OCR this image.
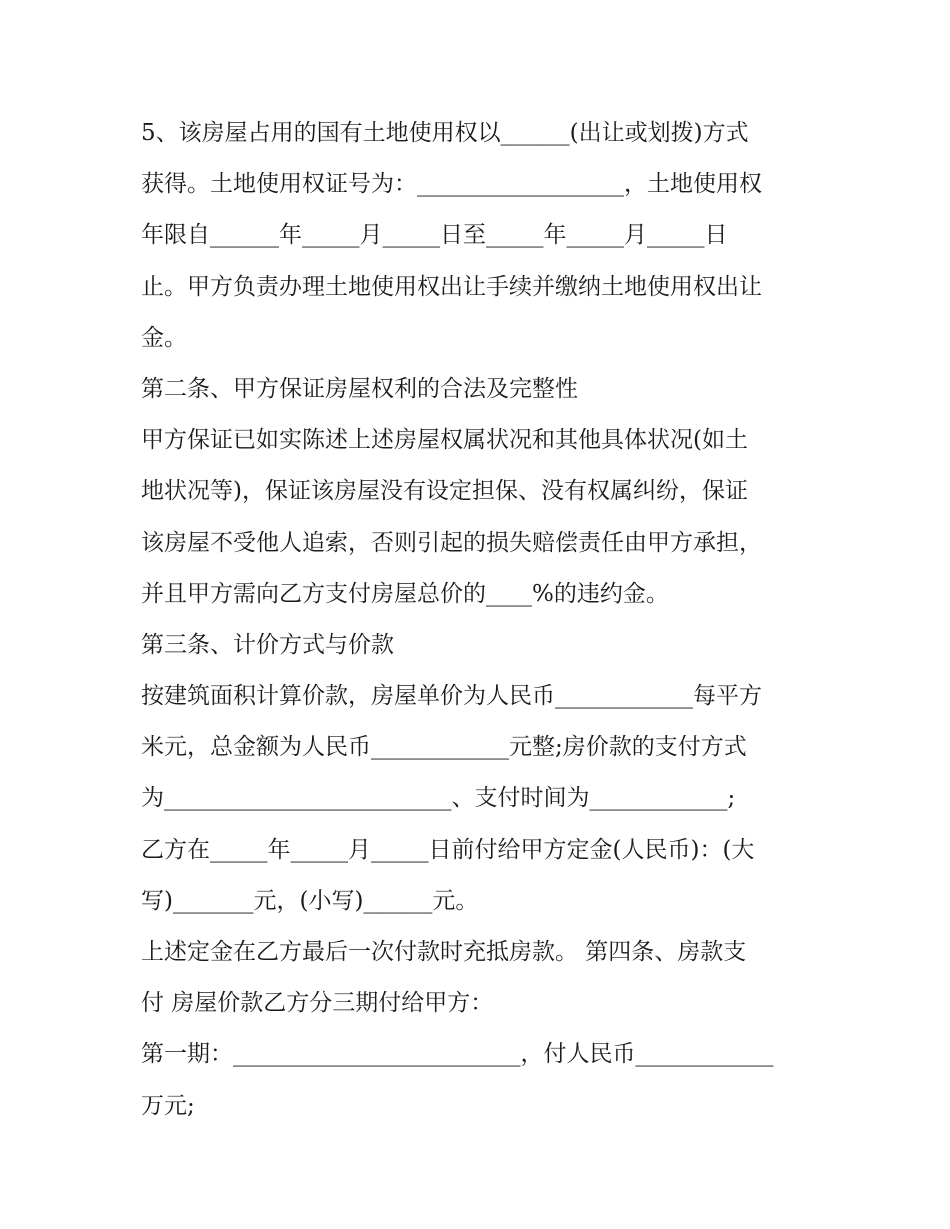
5、该房屋占用的国有土地使用权以______(出让或划拨)方式
获得。土地使用权证号为：__________________，土地使用权
年限自______年_____月_____日至_____年_____月_____日
止。甲方负责办理土地使用权出让手续并缴纳土地使用权出让
金。
第二条、甲方保证房屋权利的合法及完整性
甲方保证已如实陈述上述房屋权属状况和其他具体状况(如土
地状况等)，保证该房屋没有设定担保、没有权属纠纷，保证
该房屋不受他人追索，否则引起的损失赔偿责任由甲方承担，
并且甲方需向乙方支付房屋总价的____%的违约金。
第三条、计价方式与价款
按建筑面积计算价款，房屋单价为人民币____________每平方
米元，总金额为人民币____________元整;房价款的支付方式
为_________________________、支付时间为____________;
乙方在_____年_____月_____日前付给甲方定金(人民币)：(大
写)_______元，(小写)______元。
上述定金在乙方最后一次付款时充抵房款。 第四条、房款支
付 房屋价款乙方分三期付给甲方：
第一期：_________________________，付人民币____________
万元;
